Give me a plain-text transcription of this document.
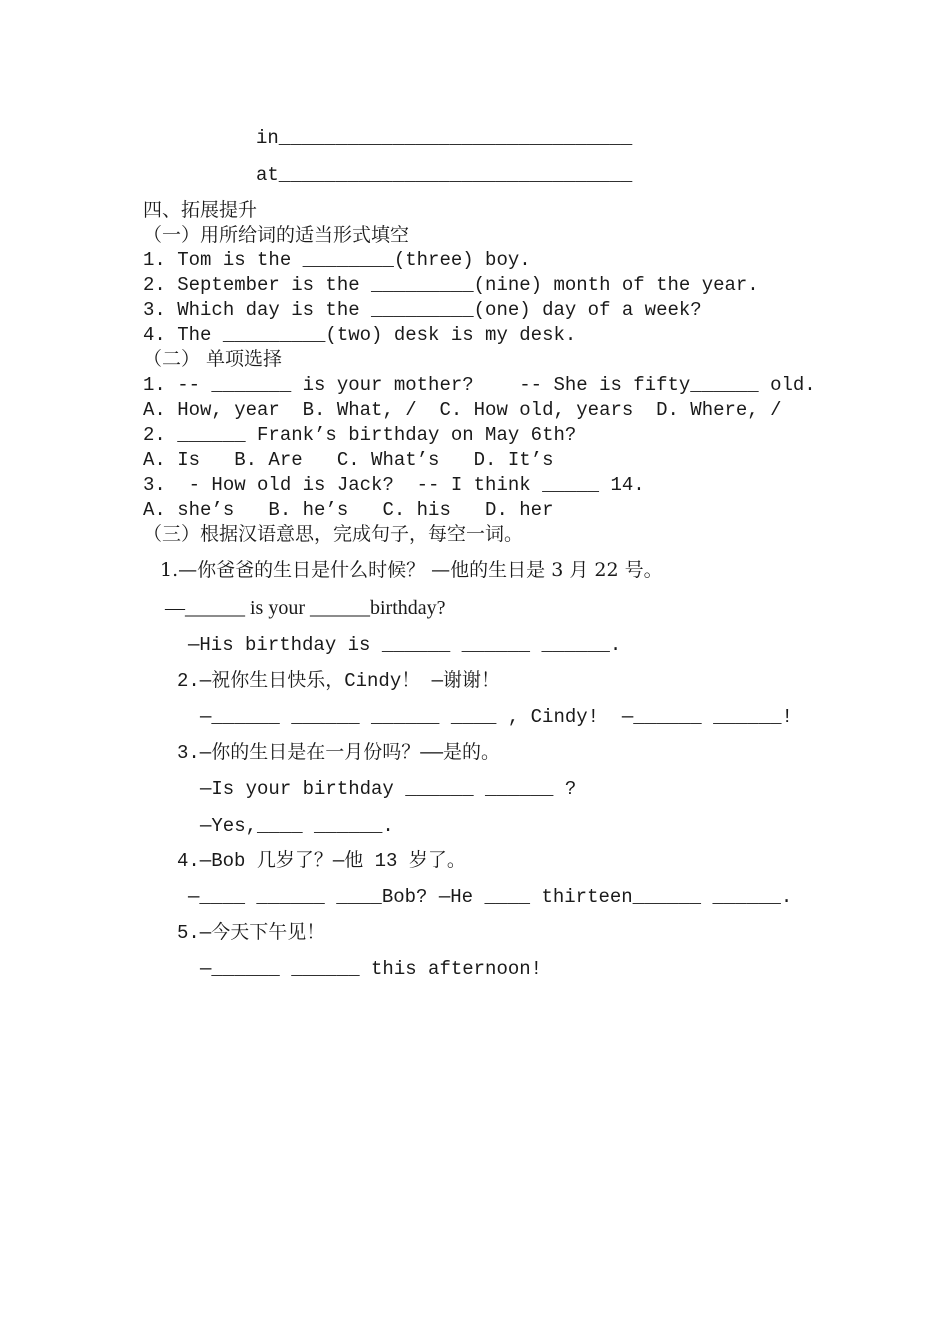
in_______________________________
at_______________________________
四、拓展提升
（一）用所给词的适当形式填空
1. Tom is the ________(three) boy.
2. September is the _________(nine) month of the year.
3. Which day is the _________(one) day of a week?
4. The _________(two) desk is my desk.
（二） 单项选择
1. -- _______ is your mother?    -- She is fifty______ old.
A. How, year  B. What, /  C. How old, years  D. Where, /
2. ______ Frank’s birthday on May 6th?
A. Is   B. Are   C. What’s   D. It’s
3.  - How old is Jack?  -- I think _____ 14.
A. she’s   B. he’s   C. his   D. her
（三）根据汉语意思，完成句子，每空一词。
1.—你爸爸的生日是什么时候？ —他的生日是 3 月 22 号。
—______ is your ______birthday?
—His birthday is ______ ______ ______.
2.—祝你生日快乐，Cindy！ —谢谢！
—______ ______ ______ ____ , Cindy!  —______ ______!
3.—你的生日是在一月份吗？——是的。
—Is your birthday ______ ______ ?
—Yes,____ ______.
4.—Bob 几岁了？—他 13 岁了。
—____ ______ ____Bob? —He ____ thirteen______ ______.
5.—今天下午见！
—______ ______ this afternoon!
